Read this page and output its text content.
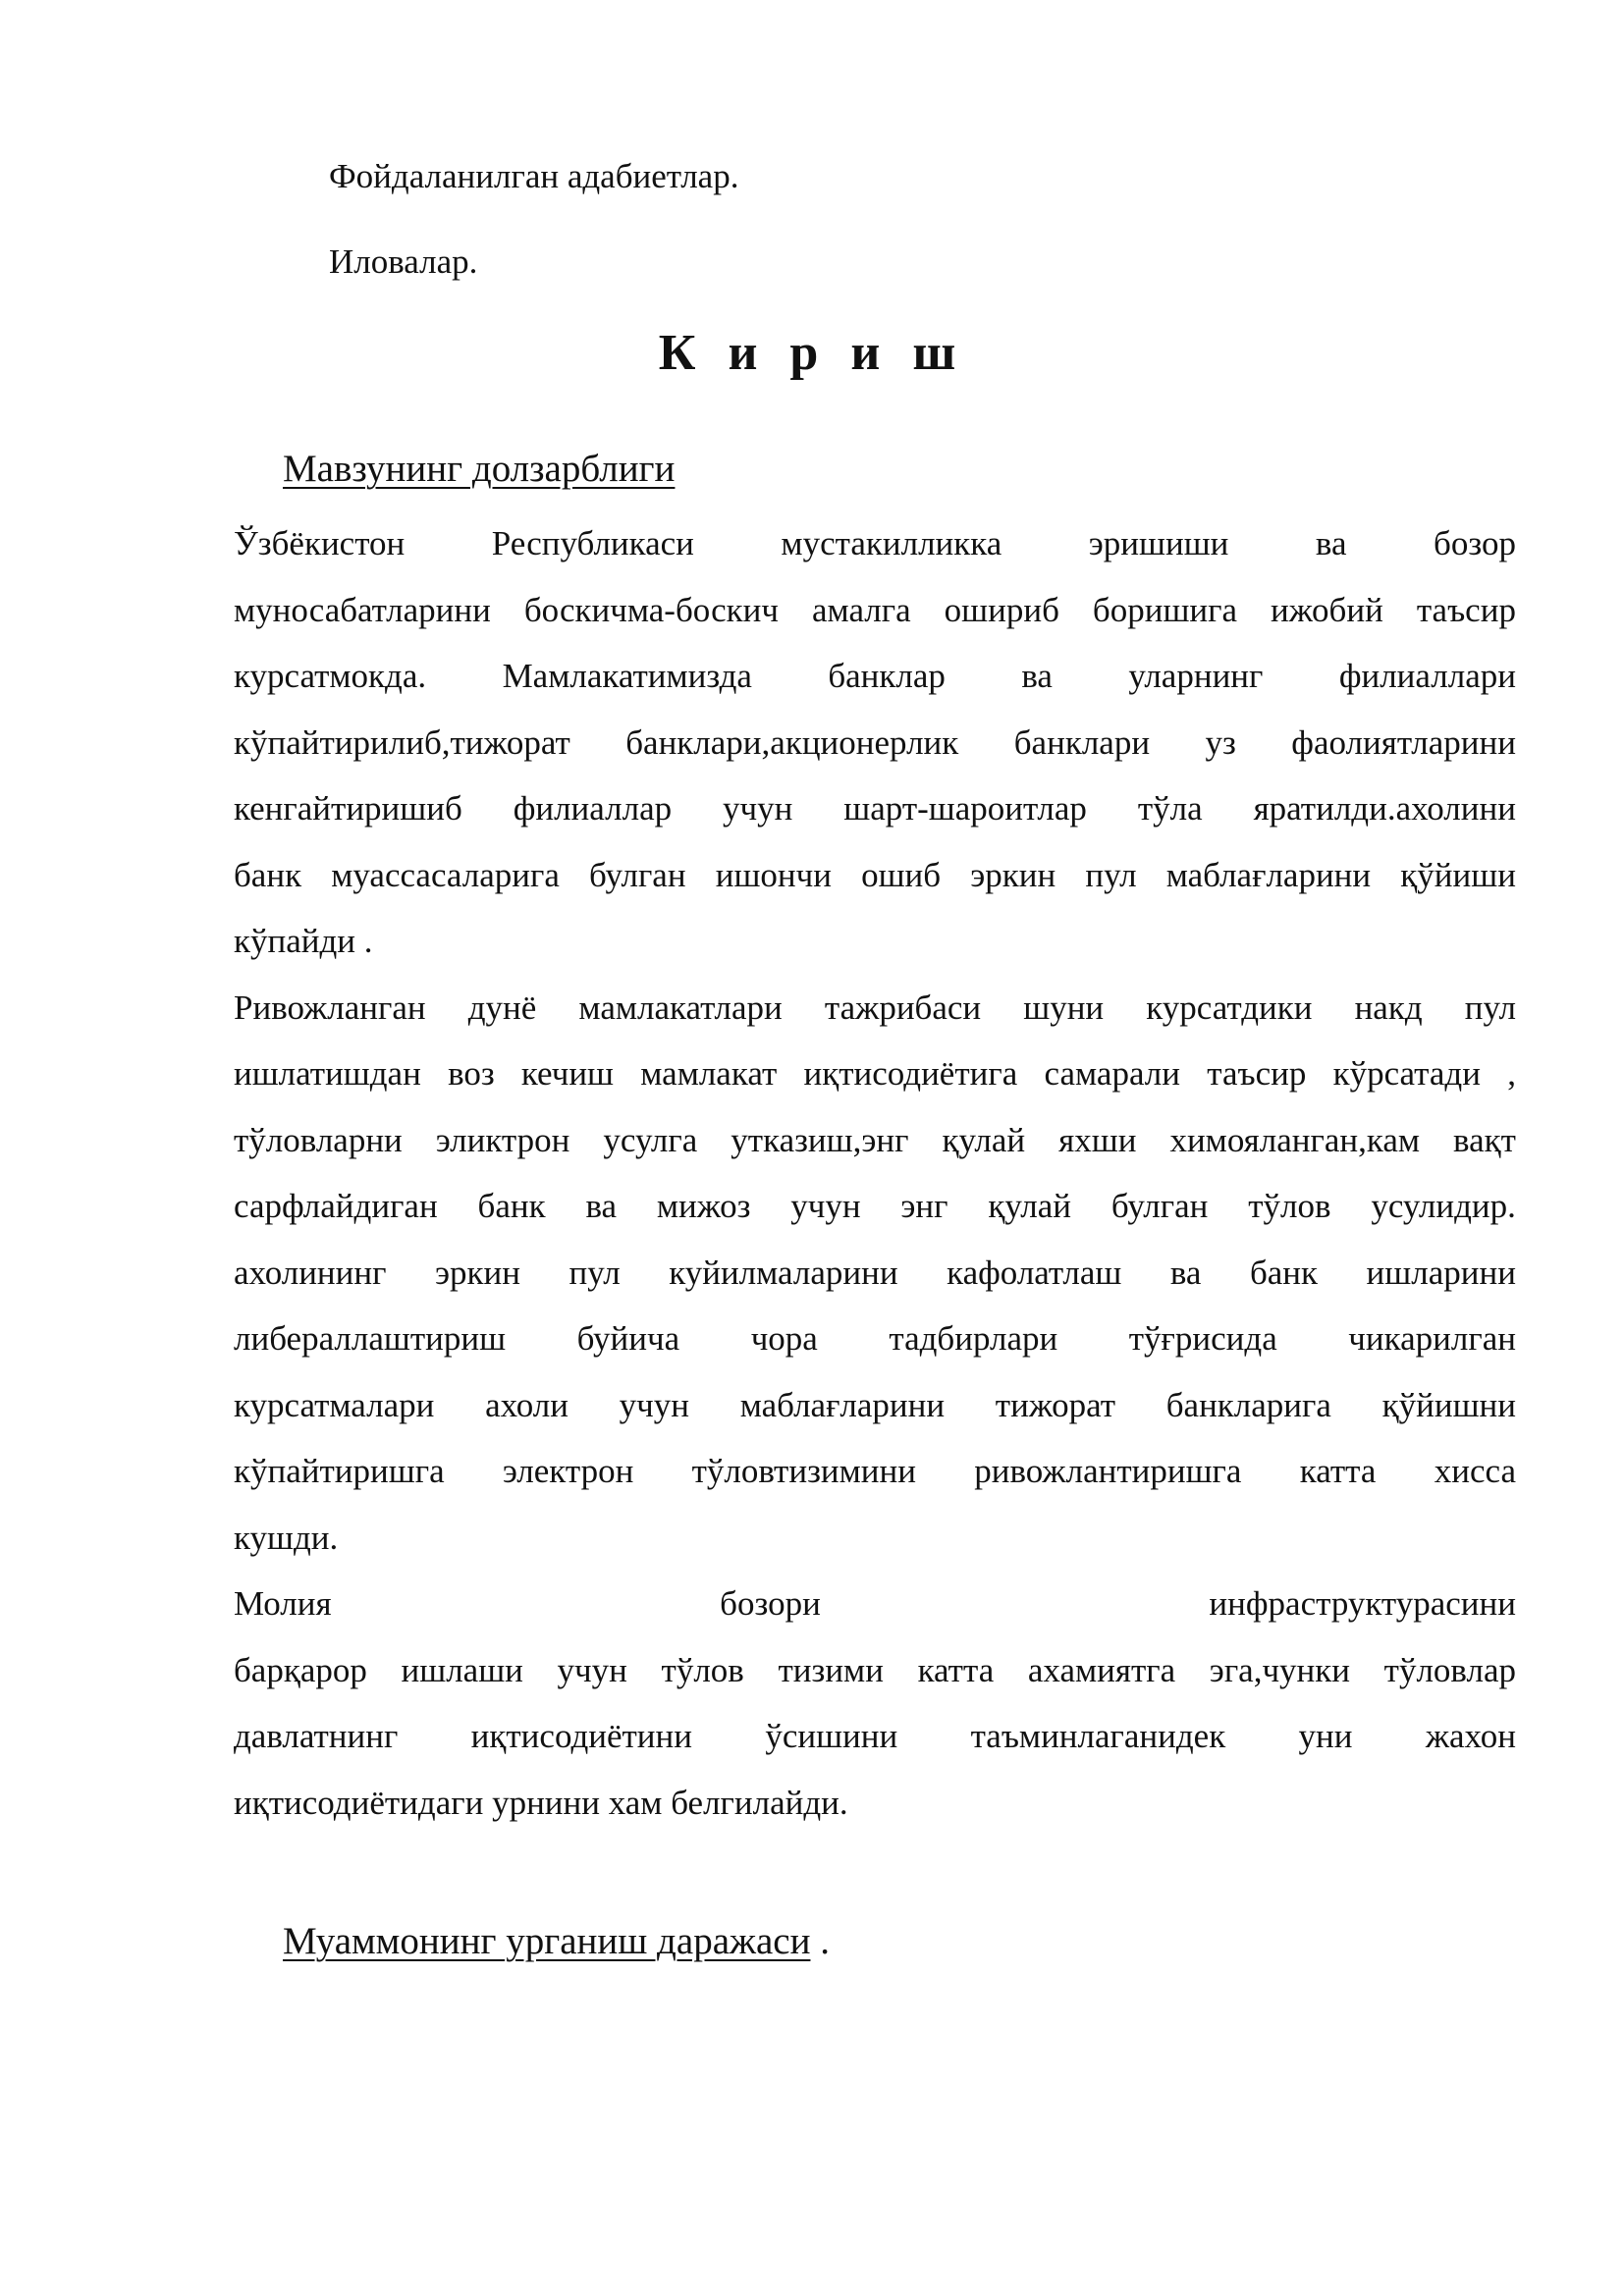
Фойдаланилган адабиетлар.
Иловалар.
К и р и ш
Мавзунинг долзарблиги
Ўзбёкистон	Республикаси	мустакилликка	эришиши	ва	бозор
муносабатларини боскичма-боскич амалга ошириб боришига ижобий таъсир
курсатмокда. Мамлакатимизда банклар ва уларнинг филиаллари
кўпайтирилиб,тижорат банклари,акционерлик банклари уз фаолиятларини
кенгайтиришиб филиаллар учун шарт-шароитлар тўла яратилди.ахолини
банк муассасаларига булган ишончи ошиб эркин пул маблағларини қўйиши
кўпайди .
Ривожланган дунё мамлакатлари тажрибаси шуни курсатдики накд пул
ишлатишдан воз кечиш мамлакат иқтисодиётига самарали таъсир кўрсатади ,
тўловларни эликтрон усулга утказиш,энг қулай яхши химояланган,кам вақт
сарфлайдиган банк ва мижоз учун энг қулай булган тўлов усулидир.
ахолининг эркин пул куйилмаларини кафолатлаш ва банк ишларини
либераллаштириш буйича чора тадбирлари тўғрисида чикарилган
курсатмалари ахоли учун маблағларини тижорат банкларига қўйишни
кўпайтиришга электрон тўловтизимини ривожлантиришга катта хисса
кушди.
Молия	бозори	инфраструктурасини
барқарор ишлаши учун тўлов тизими катта ахамиятга эга,чунки тўловлар
давлатнинг иқтисодиётини ўсишини таъминлаганидек уни жахон
иқтисодиётидаги урнини хам белгилайди.
Муаммонинг урганиш даражаси .
